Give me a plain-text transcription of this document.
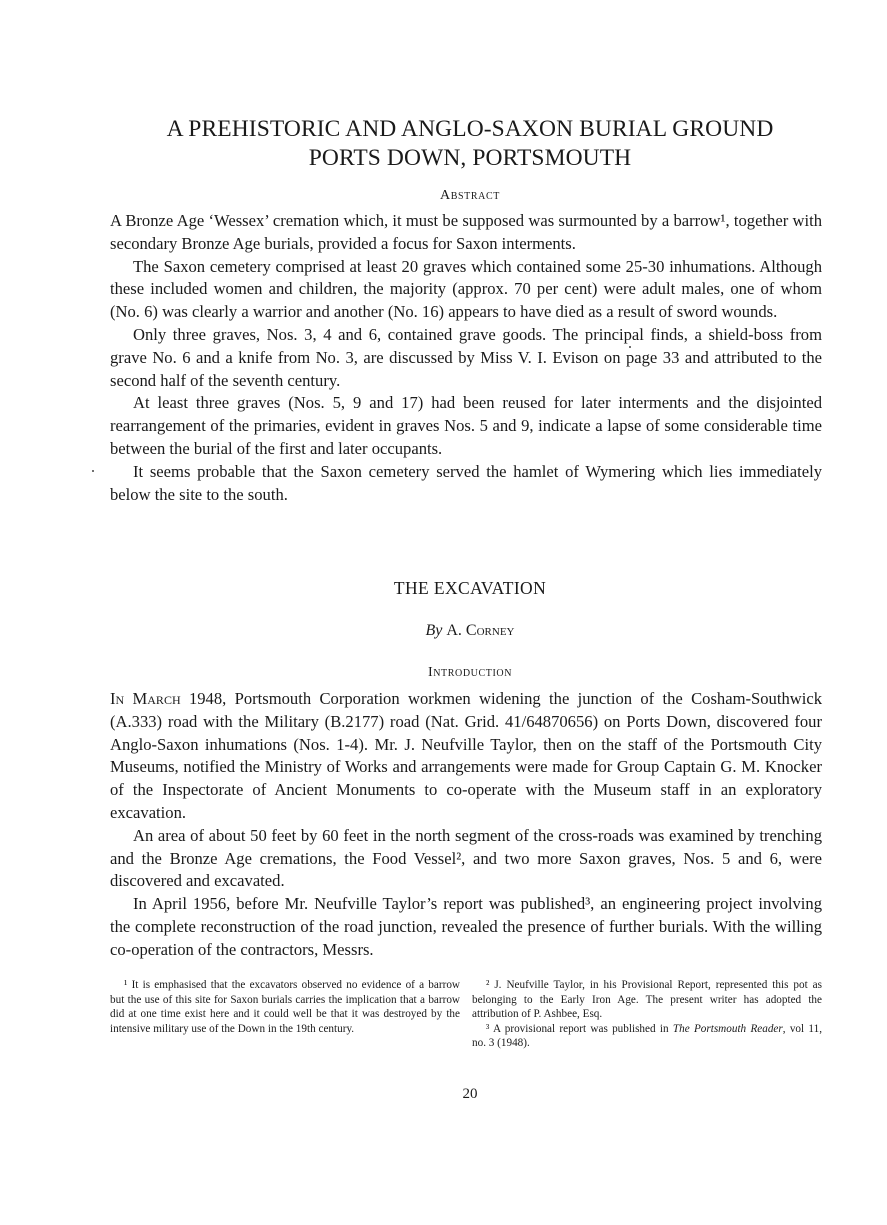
A PREHISTORIC AND ANGLO-SAXON BURIAL GROUND
PORTS DOWN, PORTSMOUTH
Abstract

A Bronze Age ‘Wessex’ cremation which, it must be supposed was surmounted by a barrow¹, together with secondary Bronze Age burials, provided a focus for Saxon interments.

The Saxon cemetery comprised at least 20 graves which contained some 25-30 inhumations. Although these included women and children, the majority (approx. 70 per cent) were adult males, one of whom (No. 6) was clearly a warrior and another (No. 16) appears to have died as a result of sword wounds.

Only three graves, Nos. 3, 4 and 6, contained grave goods. The principal finds, a shield-boss from grave No. 6 and a knife from No. 3, are discussed by Miss V. I. Evison on page 33 and attributed to the second half of the seventh century.

At least three graves (Nos. 5, 9 and 17) had been reused for later interments and the disjointed rearrangement of the primaries, evident in graves Nos. 5 and 9, indicate a lapse of some considerable time between the burial of the first and later occupants.

It seems probable that the Saxon cemetery served the hamlet of Wymering which lies immediately below the site to the south.

THE EXCAVATION
By A. Corney
Introduction

In March 1948, Portsmouth Corporation workmen widening the junction of the Cosham-Southwick (A.333) road with the Military (B.2177) road (Nat. Grid. 41/64870656) on Ports Down, discovered four Anglo-Saxon inhumations (Nos. 1-4). Mr. J. Neufville Taylor, then on the staff of the Portsmouth City Museums, notified the Ministry of Works and arrangements were made for Group Captain G. M. Knocker of the Inspectorate of Ancient Monuments to co-operate with the Museum staff in an exploratory excavation.

An area of about 50 feet by 60 feet in the north segment of the cross-roads was examined by trenching and the Bronze Age cremations, the Food Vessel², and two more Saxon graves, Nos. 5 and 6, were discovered and excavated.

In April 1956, before Mr. Neufville Taylor’s report was published³, an engineering project involving the complete reconstruction of the road junction, revealed the presence of further burials. With the willing co-operation of the contractors, Messrs.

¹ It is emphasised that the excavators observed no evidence of a barrow but the use of this site for Saxon burials carries the implication that a barrow did at one time exist here and it could well be that it was destroyed by the intensive military use of the Down in the 19th century.

² J. Neufville Taylor, in his Provisional Report, represented this pot as belonging to the Early Iron Age. The present writer has adopted the attribution of P. Ashbee, Esq.

³ A provisional report was published in The Portsmouth Reader, vol 11, no. 3 (1948).

20
